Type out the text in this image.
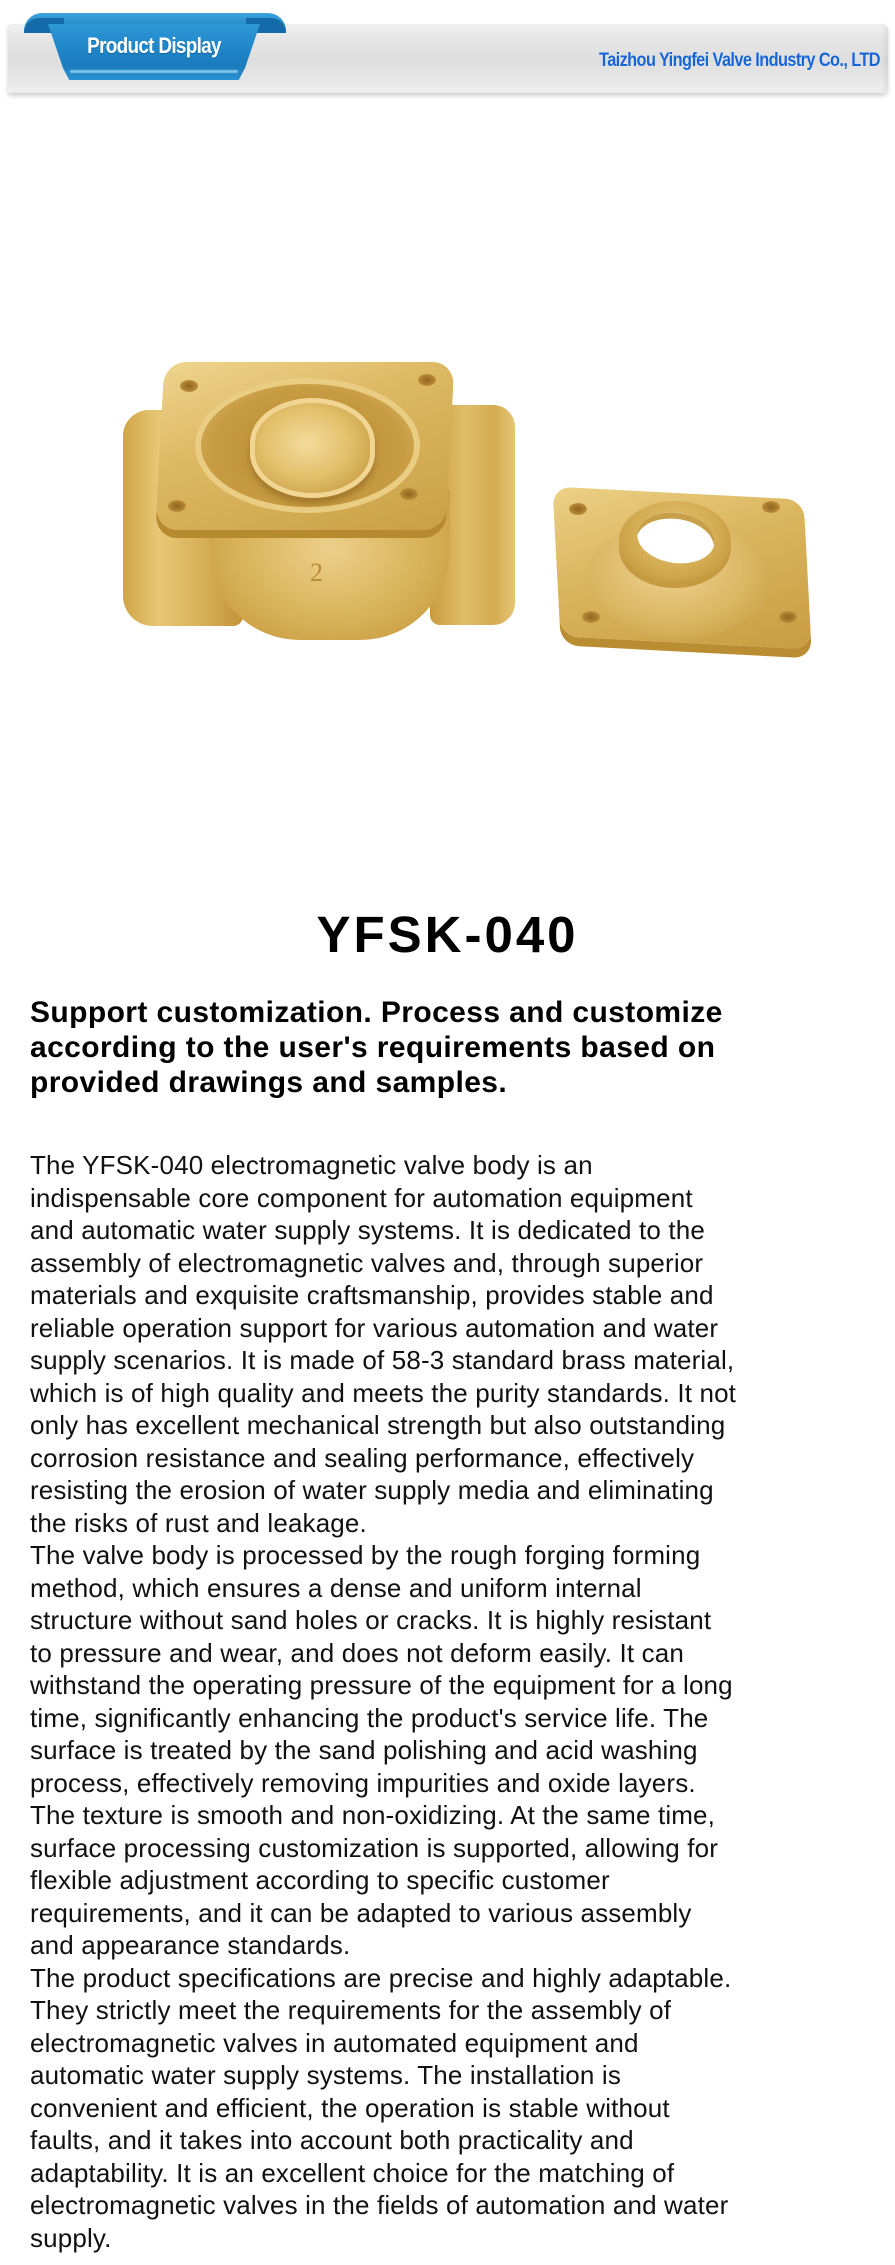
Product Display
Taizhou Yingfei Valve Industry Co., LTD
2
YFSK-040
Support customization. Process and customize
according to the user's requirements based on
provided drawings and samples.
The YFSK-040 electromagnetic valve body is an
indispensable core component for automation equipment
and automatic water supply systems. It is dedicated to the
assembly of electromagnetic valves and, through superior
materials and exquisite craftsmanship, provides stable and
reliable operation support for various automation and water
supply scenarios. It is made of 58-3 standard brass material,
which is of high quality and meets the purity standards. It not
only has excellent mechanical strength but also outstanding
corrosion resistance and sealing performance, effectively
resisting the erosion of water supply media and eliminating
the risks of rust and leakage.
The valve body is processed by the rough forging forming
method, which ensures a dense and uniform internal
structure without sand holes or cracks. It is highly resistant
to pressure and wear, and does not deform easily. It can
withstand the operating pressure of the equipment for a long
time, significantly enhancing the product's service life. The
surface is treated by the sand polishing and acid washing
process, effectively removing impurities and oxide layers.
The texture is smooth and non-oxidizing. At the same time,
surface processing customization is supported, allowing for
flexible adjustment according to specific customer
requirements, and it can be adapted to various assembly
and appearance standards.
The product specifications are precise and highly adaptable.
They strictly meet the requirements for the assembly of
electromagnetic valves in automated equipment and
automatic water supply systems. The installation is
convenient and efficient, the operation is stable without
faults, and it takes into account both practicality and
adaptability. It is an excellent choice for the matching of
electromagnetic valves in the fields of automation and water
supply.
